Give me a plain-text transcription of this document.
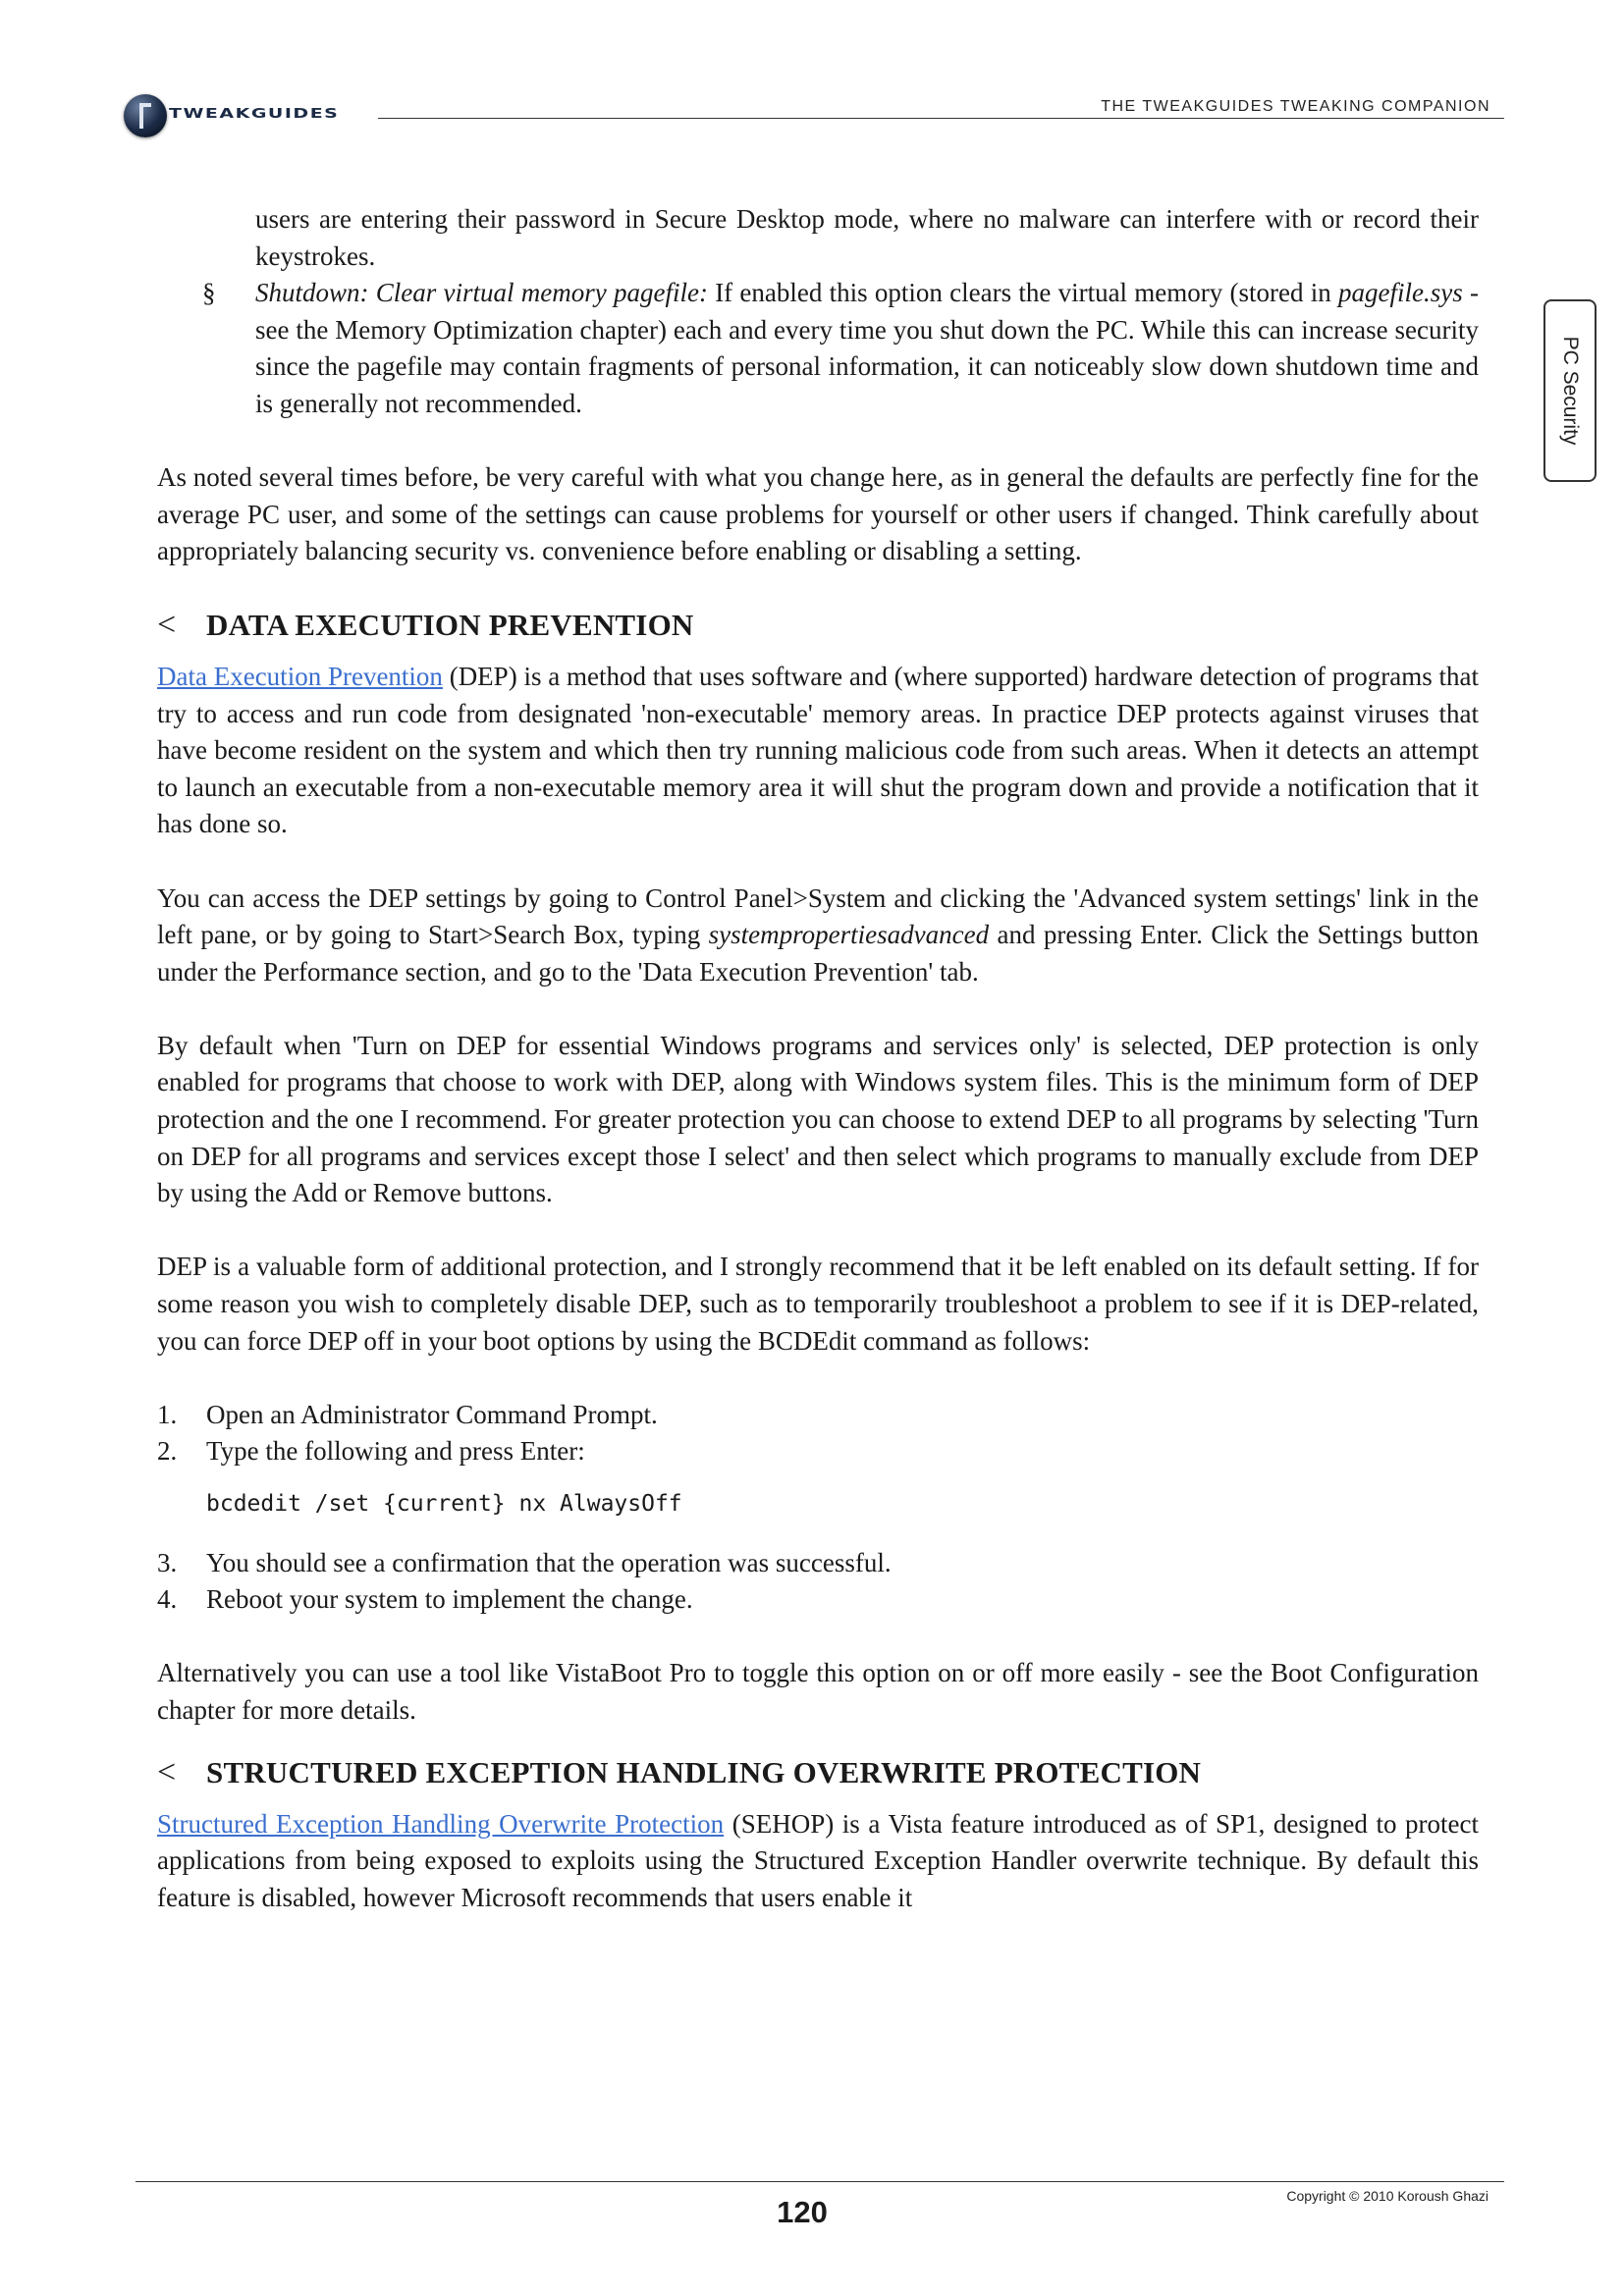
TWEAKGUIDES	THE TWEAKGUIDES TWEAKING COMPANION
PC Security

users are entering their password in Secure Desktop mode, where no malware can interfere with or record their keystrokes.

§ Shutdown: Clear virtual memory pagefile: If enabled this option clears the virtual memory (stored in pagefile.sys - see the Memory Optimization chapter) each and every time you shut down the PC. While this can increase security since the pagefile may contain fragments of personal information, it can noticeably slow down shutdown time and is generally not recommended.

As noted several times before, be very careful with what you change here, as in general the defaults are perfectly fine for the average PC user, and some of the settings can cause problems for yourself or other users if changed. Think carefully about appropriately balancing security vs. convenience before enabling or disabling a setting.

< DATA EXECUTION PREVENTION

Data Execution Prevention (DEP) is a method that uses software and (where supported) hardware detection of programs that try to access and run code from designated 'non-executable' memory areas. In practice DEP protects against viruses that have become resident on the system and which then try running malicious code from such areas. When it detects an attempt to launch an executable from a non-executable memory area it will shut the program down and provide a notification that it has done so.

You can access the DEP settings by going to Control Panel>System and clicking the 'Advanced system settings' link in the left pane, or by going to Start>Search Box, typing systempropertiesadvanced and pressing Enter. Click the Settings button under the Performance section, and go to the 'Data Execution Prevention' tab.

By default when 'Turn on DEP for essential Windows programs and services only' is selected, DEP protection is only enabled for programs that choose to work with DEP, along with Windows system files. This is the minimum form of DEP protection and the one I recommend. For greater protection you can choose to extend DEP to all programs by selecting 'Turn on DEP for all programs and services except those I select' and then select which programs to manually exclude from DEP by using the Add or Remove buttons.

DEP is a valuable form of additional protection, and I strongly recommend that it be left enabled on its default setting. If for some reason you wish to completely disable DEP, such as to temporarily troubleshoot a problem to see if it is DEP-related, you can force DEP off in your boot options by using the BCDEdit command as follows:

1. Open an Administrator Command Prompt.
2. Type the following and press Enter:
bcdedit /set {current} nx AlwaysOff
3. You should see a confirmation that the operation was successful.
4. Reboot your system to implement the change.

Alternatively you can use a tool like VistaBoot Pro to toggle this option on or off more easily - see the Boot Configuration chapter for more details.

< STRUCTURED EXCEPTION HANDLING OVERWRITE PROTECTION

Structured Exception Handling Overwrite Protection (SEHOP) is a Vista feature introduced as of SP1, designed to protect applications from being exposed to exploits using the Structured Exception Handler overwrite technique. By default this feature is disabled, however Microsoft recommends that users enable it

Copyright © 2010 Koroush Ghazi
120
